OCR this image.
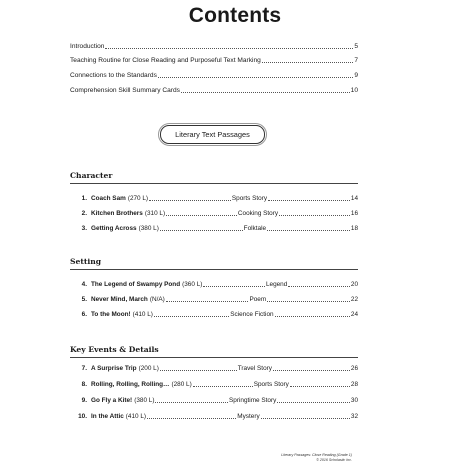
Contents
Introduction	5
Teaching Routine for Close Reading and Purposeful Text Marking	7
Connections to the Standards	9
Comprehension Skill Summary Cards	10
Literary Text Passages
Character
1. Coach Sam (270 L)	Sports Story	14
2. Kitchen Brothers (310 L)	Cooking Story	16
3. Getting Across (380 L)	Folktale	18
Setting
4. The Legend of Swampy Pond (360 L)	Legend	20
5. Never Mind, March (N/A)	Poem	22
6. To the Moon! (410 L)	Science Fiction	24
Key Events & Details
7. A Surprise Trip (200 L)	Travel Story	26
8. Rolling, Rolling, Rolling… (280 L)	Sports Story	28
9. Go Fly a Kite! (380 L)	Springtime Story	30
10. In the Attic (410 L)	Mystery	32
Literary Passages: Close Reading (Grade 1)
© 2016 Scholastic Inc.
